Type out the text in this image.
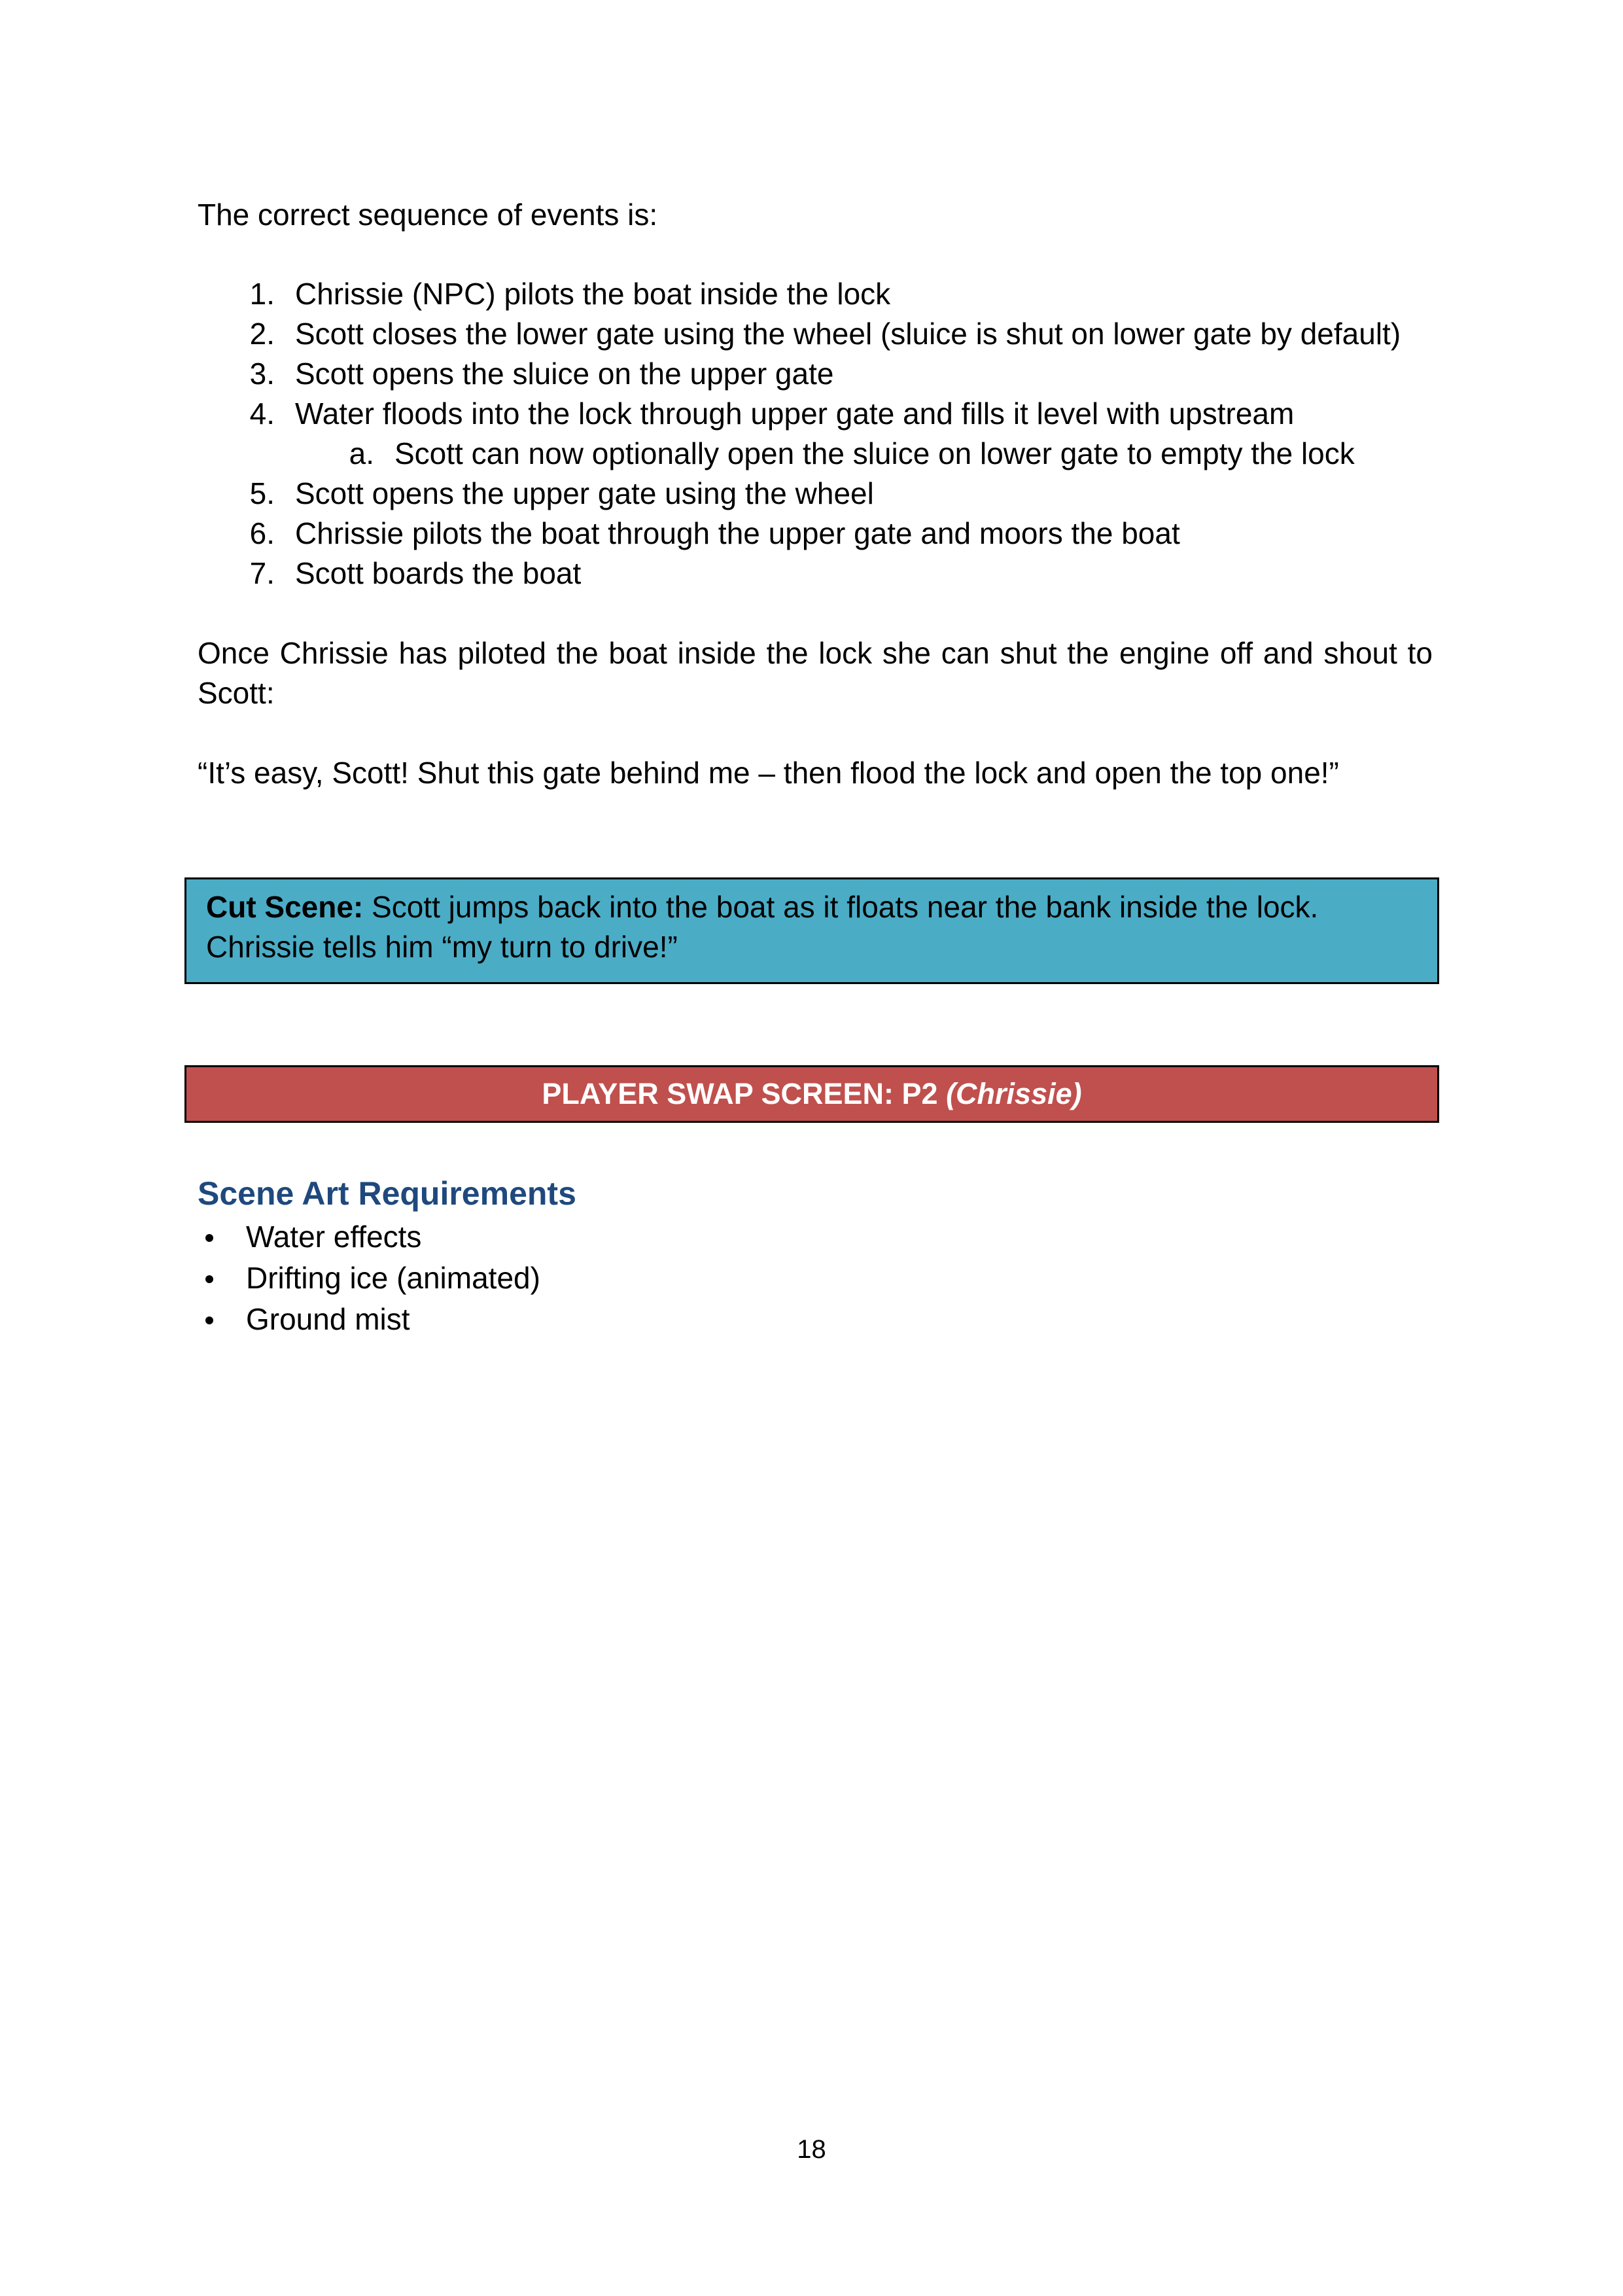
The correct sequence of events is:
1. Chrissie (NPC) pilots the boat inside the lock
2. Scott closes the lower gate using the wheel (sluice is shut on lower gate by default)
3. Scott opens the sluice on the upper gate
4. Water floods into the lock through upper gate and fills it level with upstream
a. Scott can now optionally open the sluice on lower gate to empty the lock
5. Scott opens the upper gate using the wheel
6. Chrissie pilots the boat through the upper gate and moors the boat
7. Scott boards the boat
Once Chrissie has piloted the boat inside the lock she can shut the engine off and shout to Scott:
“It’s easy, Scott! Shut this gate behind me – then flood the lock and open the top one!”
Cut Scene: Scott jumps back into the boat as it floats near the bank inside the lock. Chrissie tells him “my turn to drive!”
PLAYER SWAP SCREEN: P2 (Chrissie)
Scene Art Requirements
Water effects
Drifting ice (animated)
Ground mist
18
